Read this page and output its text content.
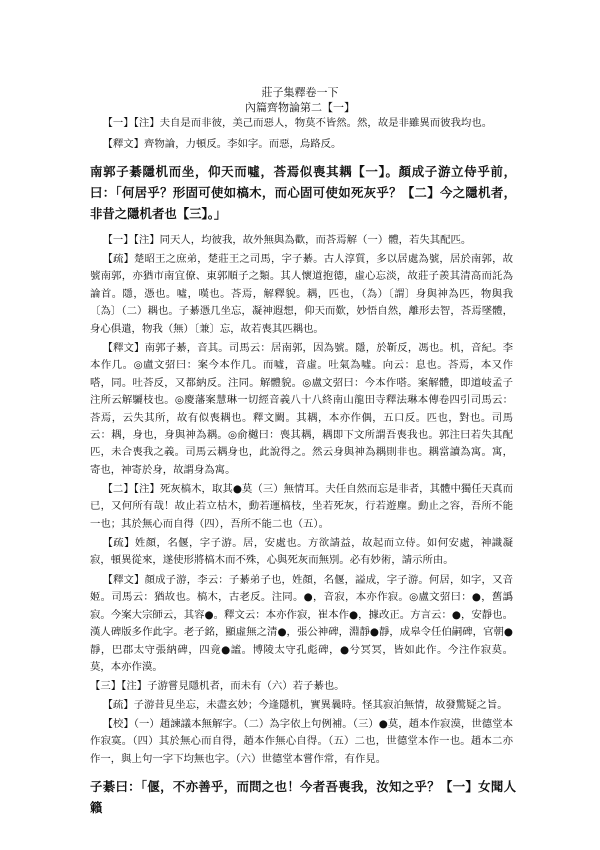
莊子集釋卷一下
內篇齊物論第二【一】
【一】【注】夫自是而非彼，美己而惡人，物莫不皆然。然，故是非雖異而彼我均也。
【釋文】齊物論，力頓反。李如字。而惡，烏路反。
南郭子綦隱机而坐，仰天而噓，荅焉似喪其耦【一】。顏成子游立侍乎前，曰：「何居乎？形固可使如槁木，而心固可使如死灰乎？【二】今之隱机者，非昔之隱机者也【三】。」
【一】【注】同天人，均彼我，故外無與為歡，而荅焉解（一）體，若失其配匹。
【疏】楚昭王之庶弟，楚莊王之司馬，字子綦。古人淳質，多以居處為號，居於南郭，故號南郭，亦猶市南宜僚、東郭順子之類。其人懷道抱德，虛心忘淡，故莊子羨其清高而託為論首。隱，憑也。噓，嘆也。荅焉，解釋貌。耦，匹也，（為）〔謂〕身與神為匹，物與我〔為〕（二）耦也。子綦憑几坐忘，凝神遐想，仰天而歎，妙悟自然，離形去智，荅焉墜體，身心俱遣，物我（無）〔兼〕忘，故若喪其匹耦也。
【釋文】南郭子綦，音其。司馬云：居南郭，因為號。隱，於靳反，馮也。机，音紀。李本作几。◎盧文弨曰：案今本作几。而噓，音虛。吐氣為噓。向云：息也。荅焉，本又作嗒，同。吐荅反，又都納反。注同。解體貌。◎盧文弨曰：今本作嗒。案解體，即道岐孟子注所云解驪枝也。◎慶藩案慧琳一切經音義八十八終南山龍田寺釋法琳本傳卷四引司馬云：荅焉，云失其所，故有似喪耦也。釋文闕。其耦，本亦作偶，五口反。匹也，對也。司馬云：耦，身也，身與神為耦。◎俞樾曰：喪其耦，耦即下文所謂吾喪我也。郭注曰若失其配匹，未合喪我之義。司馬云耦身也，此說得之。然云身與神為耦則非也。耦當讀為寓。寓，寄也，神寄於身，故謂身為寓。
【二】【注】死灰槁木，取其●莫（三）無情耳。夫任自然而忘是非者，其體中獨任天真而已，又何所有哉！故止若立枯木，動若運槁枝，坐若死灰，行若遊塵。動止之容，吾所不能一也；其於無心而自得（四），吾所不能二也（五）。
【疏】姓顏，名偃，字子游。居，安處也。方欲請益，故起而立侍。如何安處，神識凝寂，頓異從來，遂使形將槁木而不殊，心與死灰而無別。必有妙術，請示所由。
【釋文】顏成子游，李云：子綦弟子也，姓顏，名偃，謚成，字子游。何居，如字，又音姬。司馬云：猶故也。槁木，古老反。注同。●，音寂，本亦作寂。◎盧文弨曰：●，舊譌寂。今案大宗師云，其容●。釋文云：本亦作寂，崔本作●，據改正。方言云：●，安靜也。漢人碑版多作此字。老子銘，顯虛無之清●，張公神碑，淵靜●靜，成皋令任伯嗣碑，官朝●靜，巴郡太守張納碑，四竟●謐。博陵太守孔彪碑，●兮冥冥，皆如此作。今注作寂莫。莫，本亦作漠。
【三】【注】子游嘗見隱机者，而未有（六）若子綦也。
【疏】子游昔見坐忘，未盡玄妙；今逢隱机，實異曩時。怪其寂泊無情，故發驚疑之旨。
【校】（一）趙諫議本無解字。（二）為字依上句例補。（三）●莫，趙本作寂漠，世德堂本作寂寞。（四）其於無心而自得，趙本作無心自得。（五）二也，世德堂本作一也。趙本二亦作一，與上句一字下均無也字。（六）世德堂本嘗作常，有作見。
子綦曰：「偃，不亦善乎，而問之也！今者吾喪我，汝知之乎？【一】女聞人籟
